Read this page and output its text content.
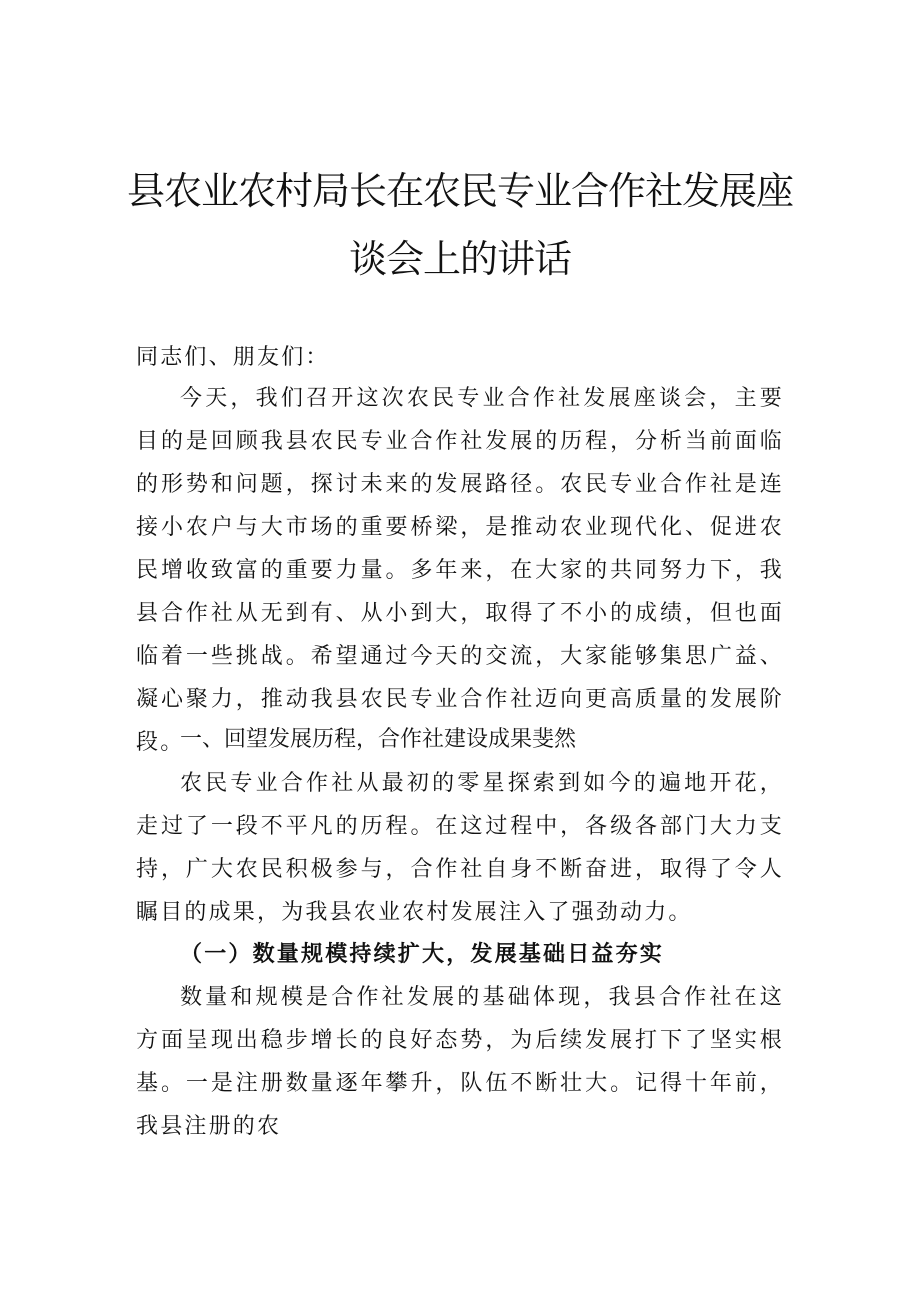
县农业农村局长在农民专业合作社发展座
谈会上的讲话

同志们、朋友们：

今天，我们召开这次农民专业合作社发展座谈会，主要目的是回顾我县农民专业合作社发展的历程，分析当前面临的形势和问题，探讨未来的发展路径。农民专业合作社是连接小农户与大市场的重要桥梁，是推动农业现代化、促进农民增收致富的重要力量。多年来，在大家的共同努力下，我县合作社从无到有、从小到大，取得了不小的成绩，但也面临着一些挑战。希望通过今天的交流，大家能够集思广益、凝心聚力，推动我县农民专业合作社迈向更高质量的发展阶段。

一、回望发展历程，合作社建设成果斐然

农民专业合作社从最初的零星探索到如今的遍地开花，走过了一段不平凡的历程。在这过程中，各级各部门大力支持，广大农民积极参与，合作社自身不断奋进，取得了令人瞩目的成果，为我县农业农村发展注入了强劲动力。

（一）数量规模持续扩大，发展基础日益夯实

数量和规模是合作社发展的基础体现，我县合作社在这方面呈现出稳步增长的良好态势，为后续发展打下了坚实根基。一是注册数量逐年攀升，队伍不断壮大。记得十年前，我县注册的农
